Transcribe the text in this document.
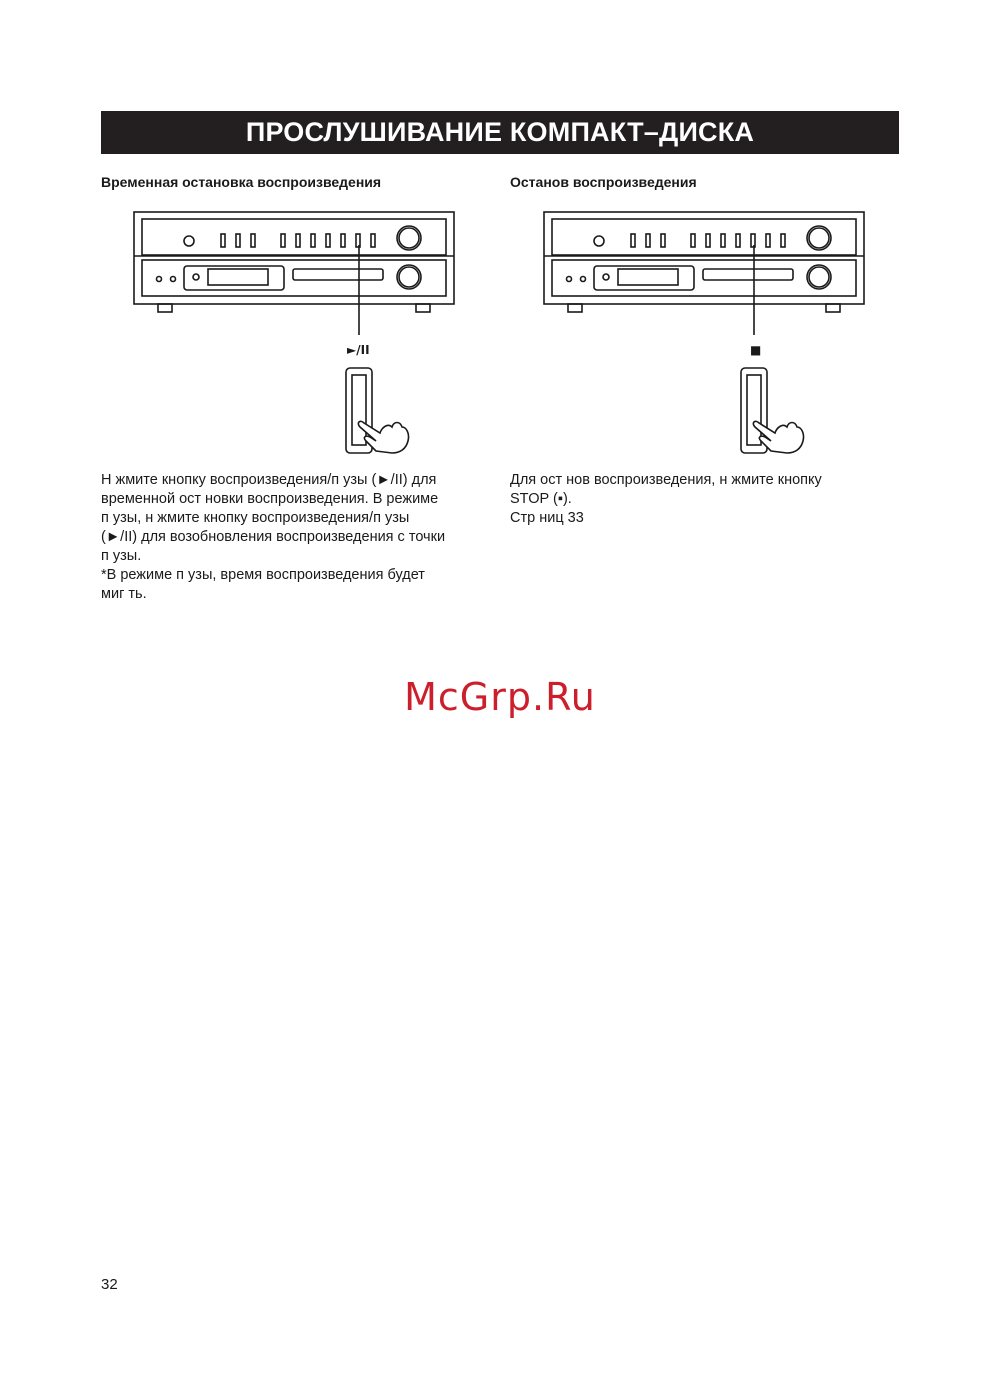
ПРОСЛУШИВАНИЕ КОМПАКТ–ДИСКА
Временная остановка воспроизведения
►/II
Н жмите кнопку воспроизведения/п узы (►/II) для
временной ост новки воспроизведения. В режиме
п узы, н жмите кнопку воспроизведения/п узы
(►/II) для возобновления воспроизведения с точки
п узы.
*В режиме п узы, время воспроизведения будет
миг ть.
Останов воспроизведения
■
Для ост нов воспроизведения, н жмите кнопку
STOP (▪).
Стр ниц 33
McGrp.Ru
32
